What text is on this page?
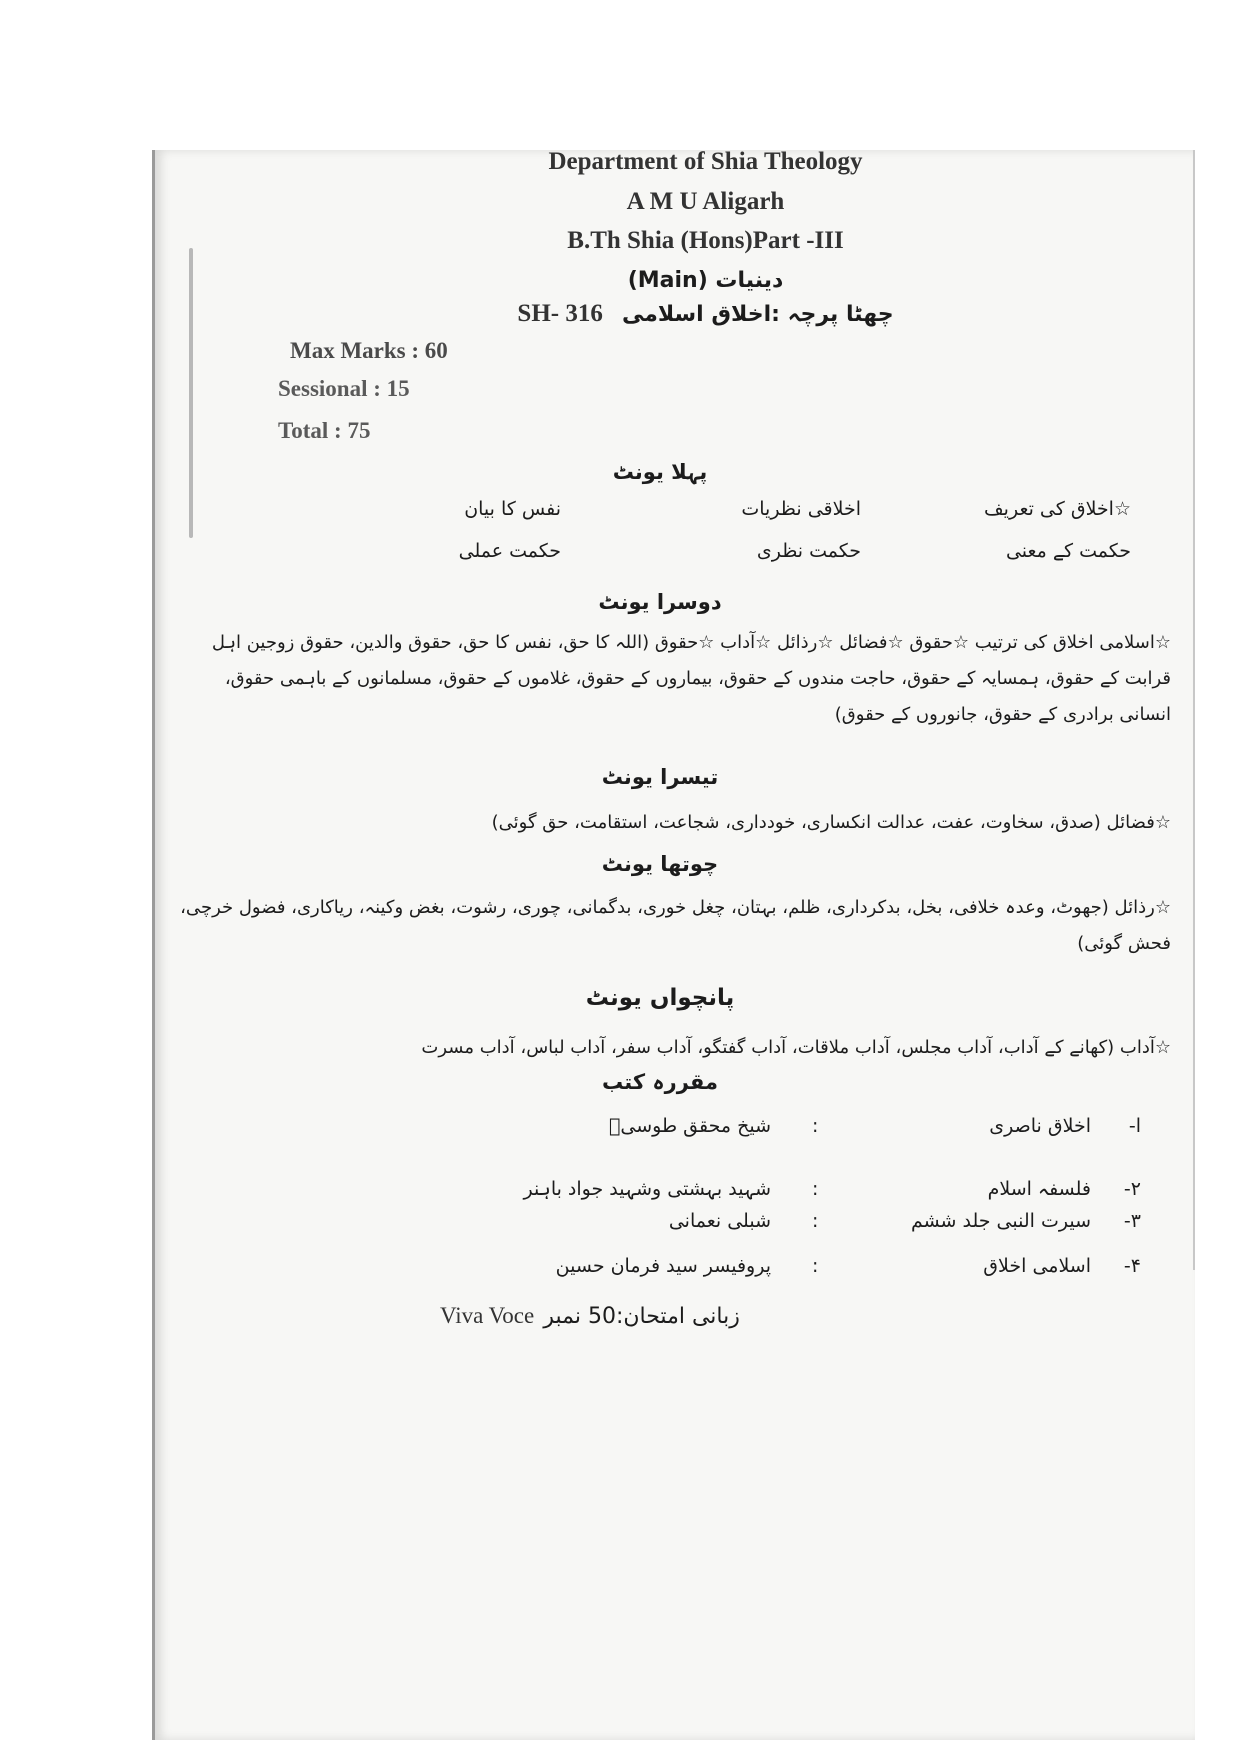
Department of Shia Theology
A M U Aligarh
B.Th Shia (Hons)Part -III
دینیات (Main)
SH- 316 چھٹا پرچہ :اخلاق اسلامی
Max Marks : 60
Sessional : 15
Total : 75
پہلا یونٹ
☆اخلاق کی تعریف
اخلاقی نظریات
نفس کا بیان
حکمت کے معنی
حکمت نظری
حکمت عملی
دوسرا یونٹ
☆اسلامی اخلاق کی ترتیب ☆حقوق ☆فضائل ☆رذائل ☆آداب ☆حقوق (اللہ کا حق، نفس کا حق، حقوق والدین، حقوق زوجین اہل قرابت کے حقوق، ہمسایہ کے حقوق، حاجت مندوں کے حقوق، بیماروں کے حقوق، غلاموں کے حقوق، مسلمانوں کے باہمی حقوق، انسانی برادری کے حقوق، جانوروں کے حقوق)
تیسرا یونٹ
☆فضائل (صدق، سخاوت، عفت، عدالت انکساری، خودداری، شجاعت، استقامت، حق گوئی)
چوتھا یونٹ
☆رذائل (جھوٹ، وعدہ خلافی، بخل، بدکرداری، ظلم، بہتان، چغل خوری، بدگمانی، چوری، رشوت، بغض وکینہ، ریاکاری، فضول خرچی، فحش گوئی)
پانچواں یونٹ
☆آداب (کھانے کے آداب، آداب مجلس، آداب ملاقات، آداب گفتگو، آداب سفر، آداب لباس، آداب مسرت
مقررہ کتب
ا-
اخلاق ناصری
:
شیخ محقق طوسیؒ
۲-
فلسفہ اسلام
:
شہید بہشتی وشہید جواد باہنر
۳-
سیرت النبی جلد ششم
:
شبلی نعمانی
۴-
اسلامی اخلاق
:
پروفیسر سید فرمان حسین
Viva Voce زبانی امتحان:50 نمبر
